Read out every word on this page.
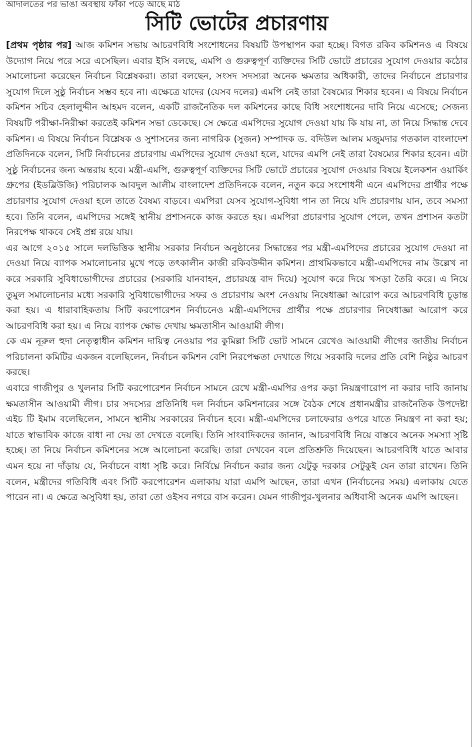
আদালতের পর ভাঙা অবস্থায় ফাঁকা পড়ে আছে মাঠ
সিটি ভোটের প্রচারণায়

[প্রথম পৃষ্ঠার পর] আজ কমিশন সভায় আচরণবিধি সংশোধনের বিষয়টি উপস্থাপন করা হচ্ছে। বিগত রকিব কমিশনও এ বিষয়ে উদ্যোগ নিয়ে পরে সরে এসেছিল। এবার ইসি বলছে, এমপি ও গুরুত্বপূর্ণ ব্যক্তিদের সিটি ভোটে প্রচারের সুযোগ দেওয়ার কঠোর সমালোচনা করেছেন নির্বাচন বিশ্লেষকরা। তারা বলছেন, সংসদ সদস্যরা অনেক ক্ষমতার অধিকারী, তাদের নির্বাচনে প্রচারণার সুযোগ দিলে সুষ্ঠু নির্বাচন সম্ভব হবে না। এক্ষেত্রে যাদের (যেসব দলের) এমপি নেই তারা বৈষম্যের শিকার হবেন। এ বিষয়ে নির্বাচন কমিশন সচিব হেলালুদ্দীন আহমদ বলেন, একটি রাজনৈতিক দল কমিশনের কাছে বিধি সংশোধনের দাবি নিয়ে এসেছে; সেজন্য বিষয়টি পরীক্ষা-নিরীক্ষা করতেই কমিশন সভা ডেকেছে। সে ক্ষেত্রে এমপিদের সুযোগ দেওয়া যায় কি যায় না, তা নিয়ে সিদ্ধান্ত দেবে কমিশন। এ বিষয়ে নির্বাচন বিশ্লেষক ও সুশাসনের জন্য নাগরিক (সুজন) সম্পাদক ড. বদিউল আলম মজুমদার গতকাল বাংলাদেশ প্রতিদিনকে বলেন, সিটি নির্বাচনের প্রচারণায় এমপিদের সুযোগ দেওয়া হলে, যাদের এমপি নেই তারা বৈষম্যের শিকার হবেন। এটা সুষ্ঠু নির্বাচনের জন্য অন্তরায় হবে। মন্ত্রী-এমপি, গুরুত্বপূর্ণ ব্যক্তিদের সিটি ভোটে প্রচারের সুযোগ দেওয়ার বিষয়ে ইলেকশন ওয়ার্কিং গ্রুপের (ইডব্লিউজি) পরিচালক আবদুল আলীম বাংলাদেশ প্রতিদিনকে বলেন, নতুন করে সংশোধনী এনে এমপিদের প্রার্থীর পক্ষে প্রচারণার সুযোগ দেওয়া হলে তাতে বৈষম্য বাড়বে। এমপিরা যেসব সুযোগ-সুবিধা পান তা নিয়ে যদি প্রচারণায় যান, তবে সমস্যা হবে। তিনি বলেন, এমপিদের সঙ্গেই স্থানীয় প্রশাসনকে কাজ করতে হয়। এমপিরা প্রচারণার সুযোগ পেলে, তখন প্রশাসন কতটা নিরপেক্ষ থাকবে সেই প্রশ্ন রয়ে যায়।

এর আগে ২০১৫ সালে দলভিত্তিক স্থানীয় সরকার নির্বাচন অনুষ্ঠানের সিদ্ধান্তের পর মন্ত্রী-এমপিদের প্রচারের সুযোগ দেওয়া না দেওয়া নিয়ে ব্যাপক সমালোচনার মুখে পড়ে তৎকালীন কাজী রকিবউদ্দীন কমিশন। প্রাথমিকভাবে মন্ত্রী-এমপিদের নাম উল্লেখ না করে সরকারি সুবিধাভোগীদের প্রচারের (সরকারি যানবাহন, প্রচারযন্ত্র বাদ দিয়ে) সুযোগ করে দিয়ে খসড়া তৈরি করে। এ নিয়ে তুমুল সমালোচনার মধ্যে সরকারি সুবিধাভোগীদের সফর ও প্রচারণায় অংশ নেওয়ায় নিষেধাজ্ঞা আরোপ করে আচরণবিধি চূড়ান্ত করা হয়। এ ধারাবাহিকতায় সিটি করপোরেশন নির্বাচনেও মন্ত্রী-এমপিদের প্রার্থীর পক্ষে প্রচারণার নিষেধাজ্ঞা আরোপ করে আচরণবিধি করা হয়। এ নিয়ে ব্যাপক ক্ষোভ দেখায় ক্ষমতাসীন আওয়ামী লীগ।

কে এম নূরুল হুদা নেতৃত্বাধীন কমিশন দায়িত্ব নেওয়ার পর কুমিল্লা সিটি ভোট সামনে রেখেও আওয়ামী লীগের জাতীয় নির্বাচন পরিচালনা কমিটির একজন বলেছিলেন, নির্বাচন কমিশন বেশি নিরপেক্ষতা দেখাতে গিয়ে সরকারি দলের প্রতি বেশি নিষ্ঠুর আচরণ করছে।

এবারে গাজীপুর ও খুলনার সিটি করপোরেশন নির্বাচন সামনে রেখে মন্ত্রী-এমপির ওপর কড়া নিয়ন্ত্রণারোপ না করার দাবি জানায় ক্ষমতাসীন আওয়ামী লীগ। চার সদস্যের প্রতিনিধি দল নির্বাচন কমিশনারের সঙ্গে বৈঠক শেষে প্রধানমন্ত্রীর রাজনৈতিক উপদেষ্টা এইচ টি ইমাম বলেছিলেন, সামনে স্থানীয় সরকারের নির্বাচন হবে। মন্ত্রী-এমপিদের চলাফেরার ওপরে যাতে নিয়ন্ত্রণ না করা হয়; যাতে স্বাভাবিক কাজে বাধা না দেয় তা দেখতে বলেছি। তিনি সাংবাদিকদের জানান, আচরণবিধি নিয়ে বাস্তবে অনেক সমস্যা সৃষ্টি হচ্ছে। তা নিয়ে নির্বাচন কমিশনের সঙ্গে আলোচনা করেছি। তারা দেখবেন বলে প্রতিশ্রুতি দিয়েছেন। আচরণবিধি যাতে আবার এমন হয়ে না দাঁড়ায় যে, নির্বাচনে বাধা সৃষ্টি করে। নির্বিঘ্নে নির্বাচন করার জন্য যেটুকু দরকার সেটুকুই যেন তারা রাখেন। তিনি বলেন, মন্ত্রীদের গতিবিধি এবং সিটি করপোরেশন এলাকায় যারা এমপি আছেন, তারা এখন (নির্বাচনের সময়) এলাকায় যেতে পারেন না। এ ক্ষেত্রে অসুবিধা হয়, তারা তো ওইসব নগরে বাস করেন। যেমন গাজীপুর-খুলনার অধিবাসী অনেক এমপি আছেন।
